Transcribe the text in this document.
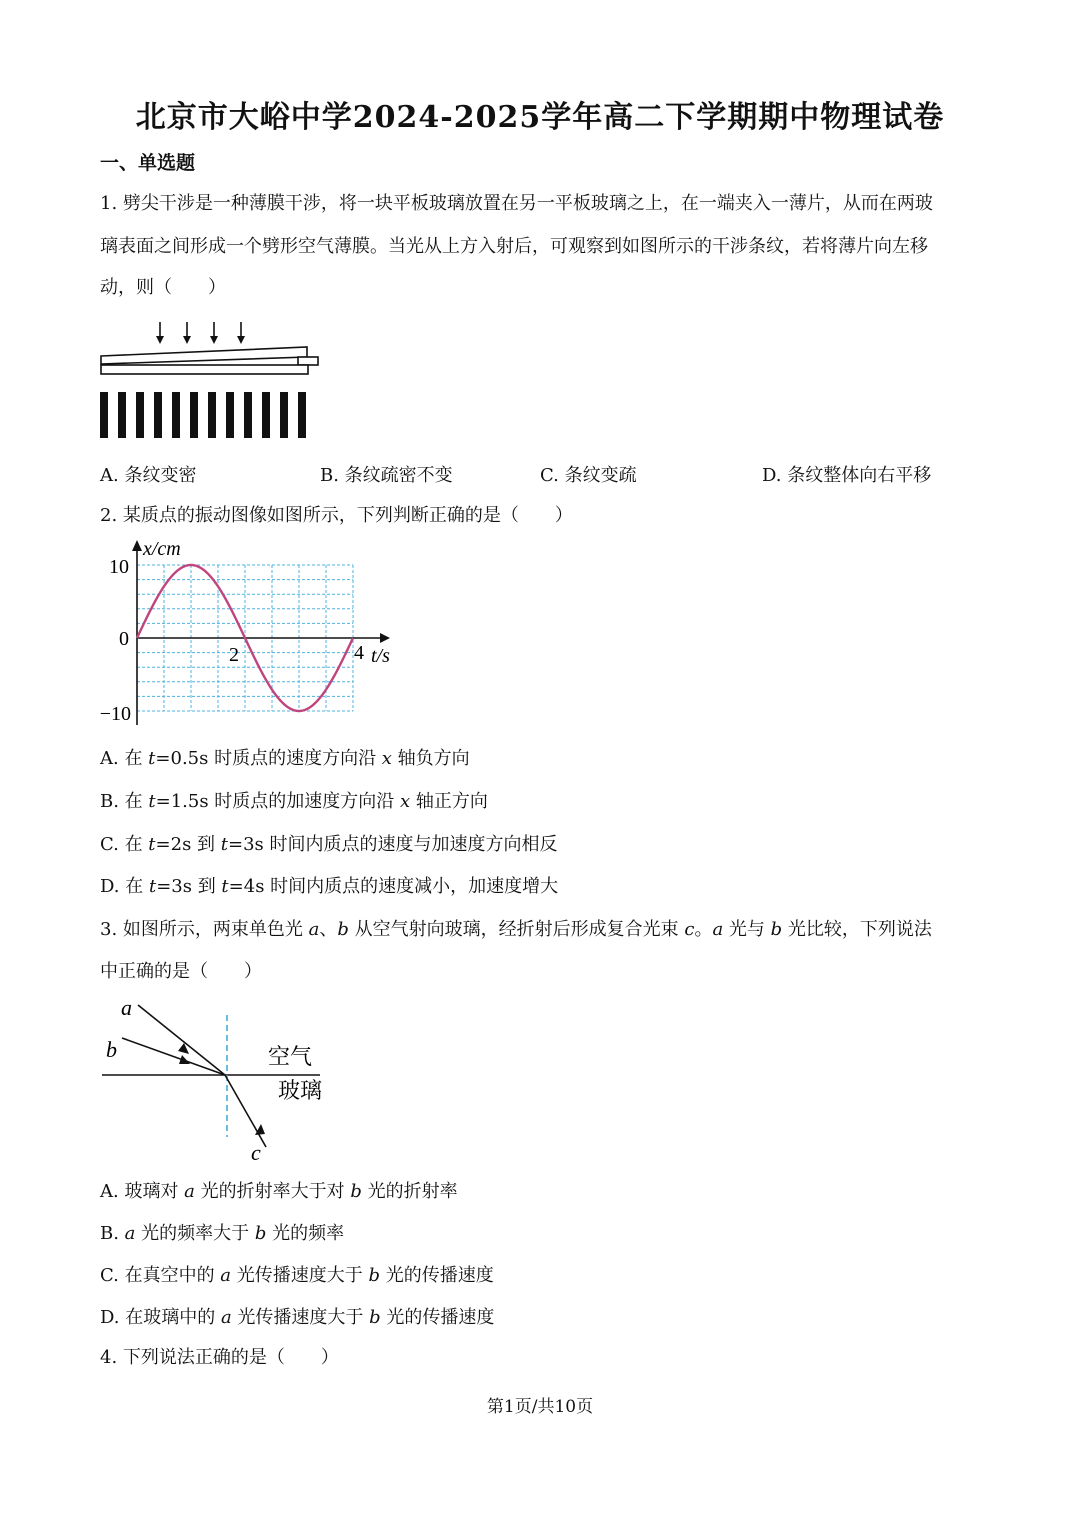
北京市大峪中学2024-2025学年高二下学期期中物理试卷
一、单选题
1. 劈尖干涉是一种薄膜干涉，将一块平板玻璃放置在另一平板玻璃之上，在一端夹入一薄片，从而在两玻
璃表面之间形成一个劈形空气薄膜。当光从上方入射后，可观察到如图所示的干涉条纹，若将薄片向左移
动，则（　　）
A. 条纹变密	B. 条纹疏密不变	C. 条纹变疏	D. 条纹整体向右平移
2. 某质点的振动图像如图所示，下列判断正确的是（　　）
x/cm
10
0
−10
2	4 t/s
A. 在 t=0.5s 时质点的速度方向沿 x 轴负方向
B. 在 t=1.5s 时质点的加速度方向沿 x 轴正方向
C. 在 t=2s 到 t=3s 时间内质点的速度与加速度方向相反
D. 在 t=3s 到 t=4s 时间内质点的速度减小，加速度增大
3. 如图所示，两束单色光 a、b 从空气射向玻璃，经折射后形成复合光束 c。a 光与 b 光比较，下列说法
中正确的是（　　）
a
b
c
空气
玻璃
A. 玻璃对 a 光的折射率大于对 b 光的折射率
B. a 光的频率大于 b 光的频率
C. 在真空中的 a 光传播速度大于 b 光的传播速度
D. 在玻璃中的 a 光传播速度大于 b 光的传播速度
4. 下列说法正确的是（　　）
第1页/共10页
